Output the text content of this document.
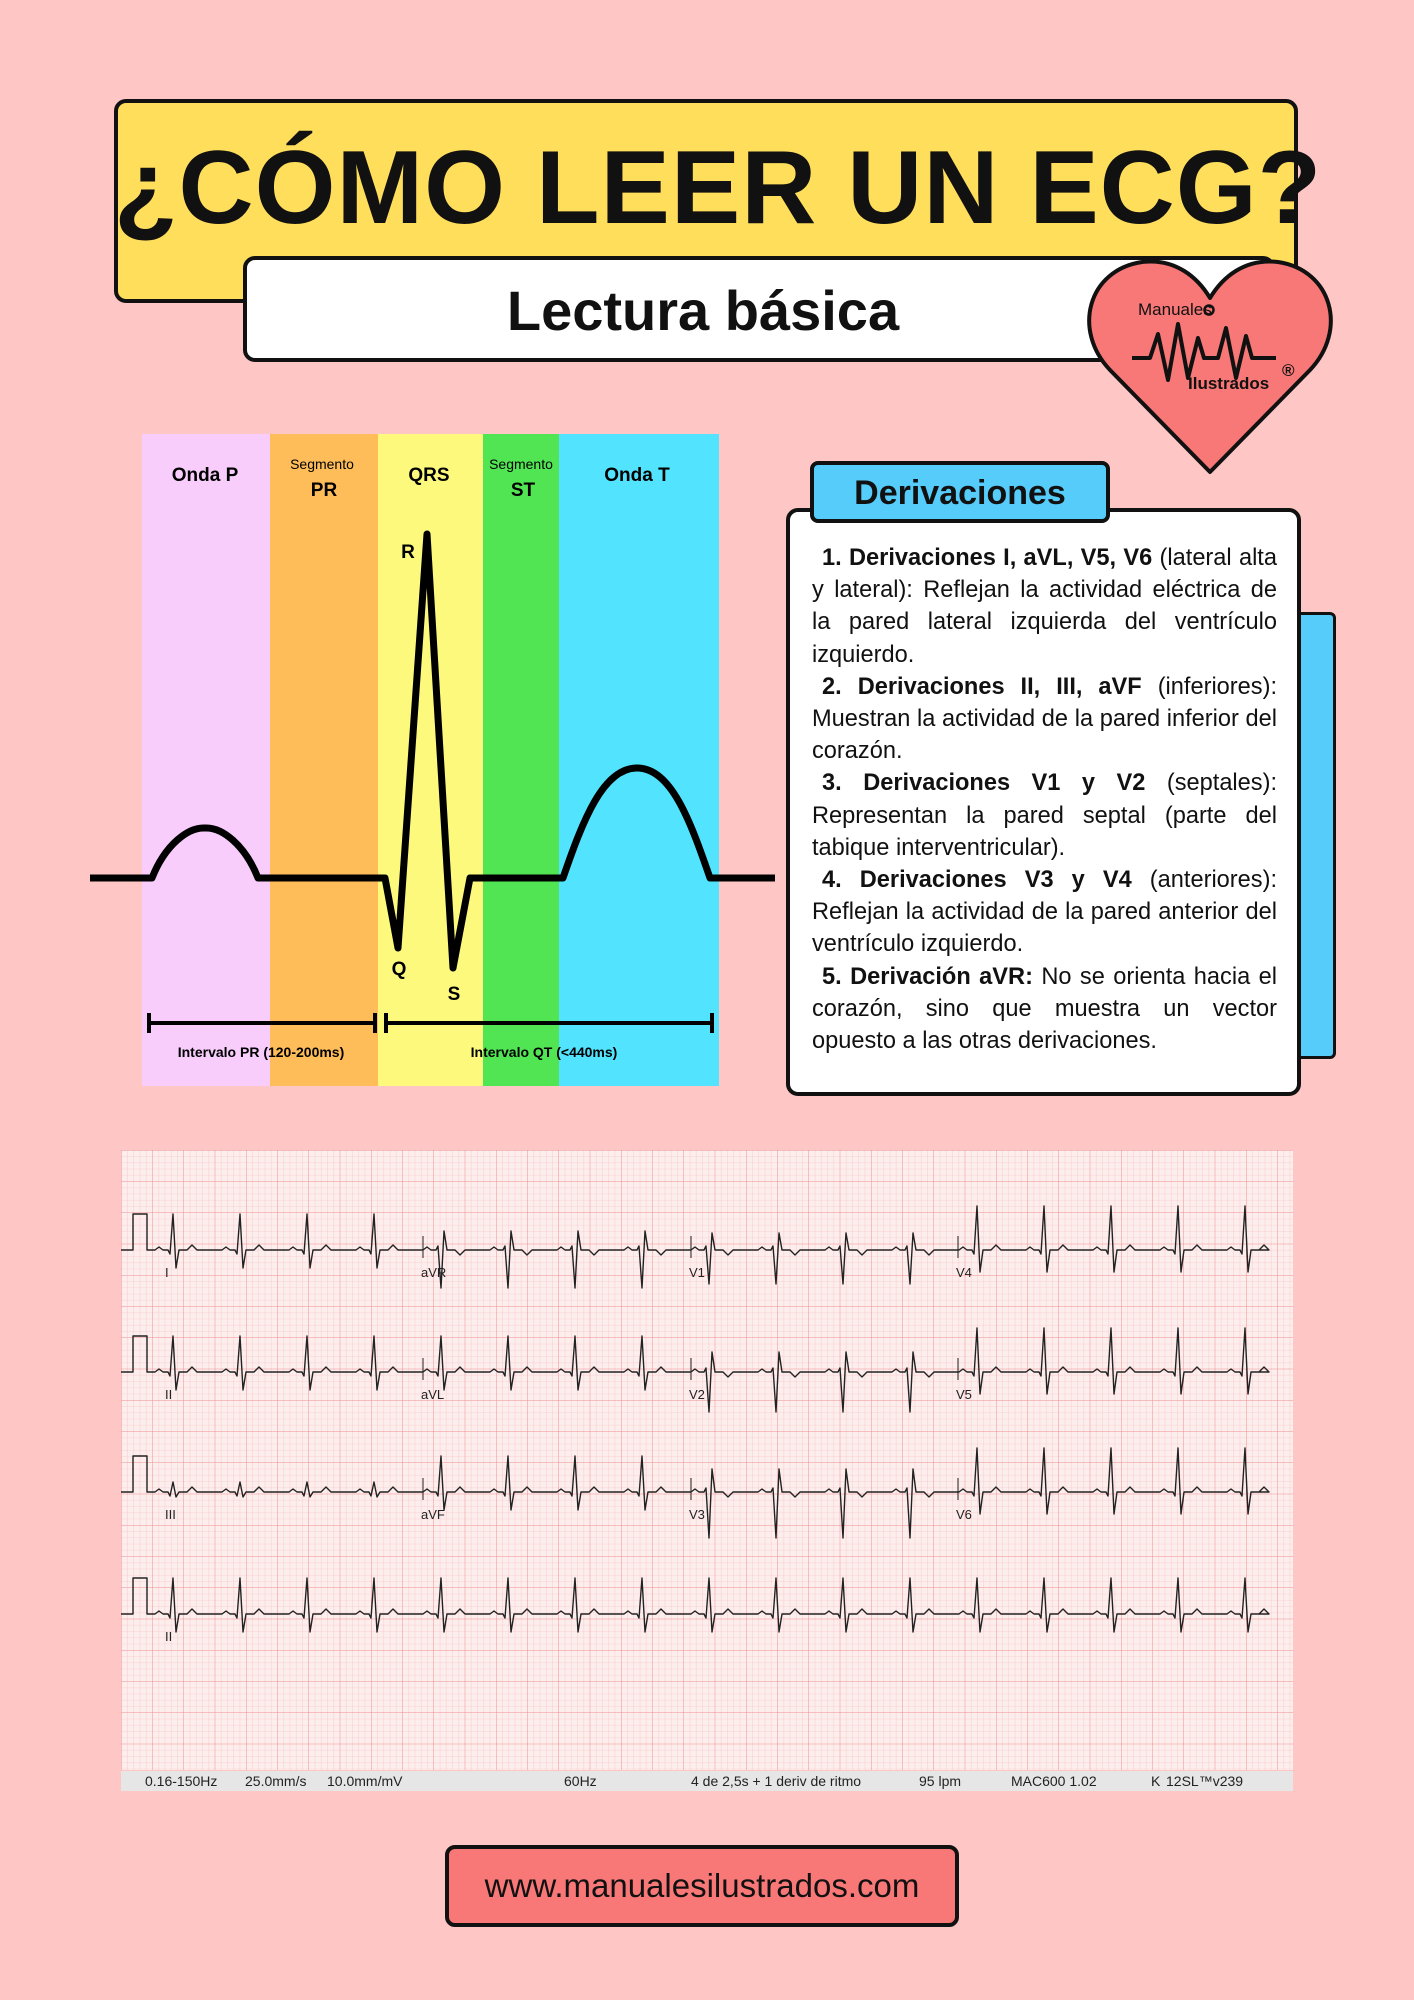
¿CÓMO LEER UN ECG?
Lectura básica	Manuales
Ilustrados
®
Onda P
Segmento
PR
QRS
Segmento
ST
Onda T
R
Q
S
Intervalo PR (120-200ms)	Intervalo QT (<440ms)
Derivaciones

1. Derivaciones I, aVL, V5, V6 (lateral alta y lateral): Reflejan la actividad eléctrica de la pared lateral izquierda del ventrículo izquierdo.

2. Derivaciones II, III, aVF (inferiores): Muestran la actividad de la pared inferior del corazón.

3. Derivaciones V1 y V2 (septales): Representan la pared septal (parte del tabique interventricular).

4. Derivaciones V3 y V4 (anteriores): Reflejan la actividad de la pared anterior del ventrículo izquierdo.

5. Derivación aVR: No se orienta hacia el corazón, sino que muestra un vector opuesto a las otras derivaciones.

I	aVR	V1	V4
II	aVL	V2	V5
III	aVF	V3	V6
II
0.16-150Hz 25.0mm/s 10.0mm/mV	60Hz	4 de 2,5s + 1 deriv de ritmo	95 lpm	MAC600 1.02	K 12SL™v239
www.manualesilustrados.com
